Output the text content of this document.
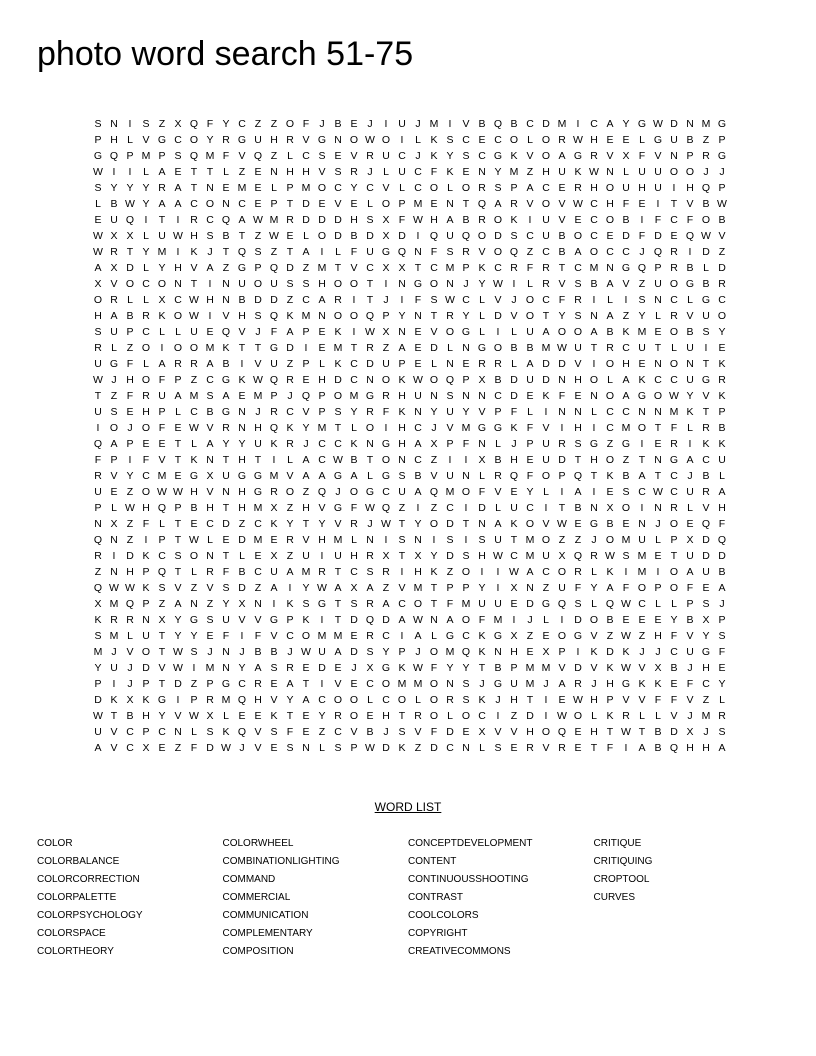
photo word search 51-75
S N	I	S Z X Q F Y C Z Z O F J B E J	I	U J M I	V B Q B C D M I	C A Y G W D N M G
P H L V G C O Y R G U H R V G N O W O I	L K S C E C O L O R W H E E L G U B Z P
G Q P M P S Q M F V Q Z L C S E V R U C J K Y S C G K V O A G R V X F V N P R G
W I	I	L A E T T L Z E N H H V S R J L U C F K E N Y M Z H U K W N L U U O O J	J
S Y Y Y R A T N E M E L P M O C Y C V L C O L O R S P A C E R H O U H U	I	H Q P
L B W Y A A C O N C E P T D E V E L O P M E N T Q A R V O V W C H F E	I	T V B W
E U Q I	T	I	R C Q A W M R D D D H S X F W H A B R O K	I	U V E C O B	I	F C F O B
W X X L U W H S B T Z W E L O D B D X D	I Q U Q O D S C U B O C E D F D E Q W V
W R T Y M I	K J T Q S Z T A	I	L F U G Q N F S R V O Q Z C B A O C C J Q R	I	D Z
A X D L Y H V A Z G P Q D Z M T V C X X T C M P K C R F R T C M N G Q P R B L D
X V O C O N T	I	N U O U S S H O O T	I	N G O N J Y W I	L R V S B A V Z U O G B R
O R L L X C W H N B D D Z C A R	I	T J	I	F S W C L V J O C F R	I	L	I	S N C L G C
H A B R K O W I	V H S Q K M N O O Q P Y N T R Y L D V O T Y S N A Z Y L R V U O
S U P C L L U E Q V J F A P E K	I W X N E V O G L	I	L U A O O A B K M E O B S Y
R L Z O I O O M K T T G D	I	E M T R Z A E D L N G O B B M W U T R C U T L U	I	E
U G F L A R R A B	I	V U Z P L K C D U P E L N E R R L A D D V	I O H E N O N T K
W J H O F P Z C G K W Q R E H D C N O K W O Q P X B D U D N H O L A K C C U G R
T Z F R U A M S A E M P J Q P O M G R H U N S N N C D E K F E N O A G O W Y V K
U S E H P L C B G N J R C V P S Y R F K N Y U Y V P F L	I	N N L C C N N M K T P
I O J O F E W V R N H Q K Y M T L O I	H C J V M G G K F V	I	H	I	C M O T F L R B
Q A P E E T L A Y Y U K R J C C K N G H A X P F N L J P U R S G Z G I	E R	I	K K
F P	I	F V T K N T H T	I	L A C W B T O N C Z	I	I	X B H E U D T H O Z T N G A C U
R V Y C M E G X U G G M V A A G A L G S B V U N L R Q F O P Q T K B A T C J B L
U E Z O W W H V N H G R O Z Q J O G C U A Q M O F V E Y L	I	A	I	E S C W C U R A
P L W H Q P B H T H M X Z H V G F W Q Z	I	Z C	I	D L U C	I	T B N X O I	N R L V H
N X Z F L T E C D Z C K Y T Y V R J W T Y O D T N A K O V W E G B E N J O E Q F
Q N Z	I	P T W L E D M E R V H M L N	I	S N	I	S	I	S U T M O Z Z J O M U L P X D Q
R	I	D K C S O N T L E X Z U	I	U H R X T X Y D S H W C M U X Q R W S M E T U D D
Z N H P Q T L R F B C U A M R T C S R	I	H K Z O I	I W A C O R L K	I M I O A U B
Q W W K S V Z V S D Z A	I	Y W A X A Z V M T P P Y	I	X N Z U F Y A F O P O F E A
X M Q P Z A N Z Y X N	I	K S G T S R A C O T F M U U E D G Q S L Q W C L L P S J
K R R N X Y G S U V V G P K	I	T D Q D A W N A O F M I	J L	I	D O B E E E Y B X P
S M L U T Y Y E F	I	F V C O M M E R C	I	A L G C K G X Z E O G V Z W Z H F V Y S
M J V O T W S J N J B B J W U A D S Y P J O M Q K N H E X P	I	K D K J	J C U G F
Y U J D V W I M N Y A S R E D E J X G K W F Y Y T B P M M V D V K W V X B J H E
P	I	J P T D Z P G C R E A T	I	V E C O M M O N S J G U M J A R J H G K K E F C Y
D K X K G I	P R M Q H V Y A C O O L C O L O R S K J H T	I	E W H P V V F F V Z L
W T B H Y V W X L E E K T E Y R O E H T R O L O C	I	Z D	I W O L K R L L V J M R
U V C P C N L S K Q V S F E Z C V B J S V F D E X V V H O Q E H T W T B D X J S
A V C X E Z F D W J V E S N L S P W D K Z D C N L S E R V R E T F	I	A B Q H H A
WORD LIST
COLOR
COLORBALANCE
COLORCORRECTION
COLORPALETTE
COLORPSYCHOLOGY
COLORSPACE
COLORTHEORY
COLORWHEEL
COMBINATIONLIGHTING
COMMAND
COMMERCIAL
COMMUNICATION
COMPLEMENTARY
COMPOSITION
CONCEPTDEVELOPMENT
CONTENT
CONTINUOUSSHOOTING
CONTRAST
COOLCOLORS
COPYRIGHT
CREATIVECOMMONS
CRITIQUE
CRITIQUING
CROPTOOL
CURVES
